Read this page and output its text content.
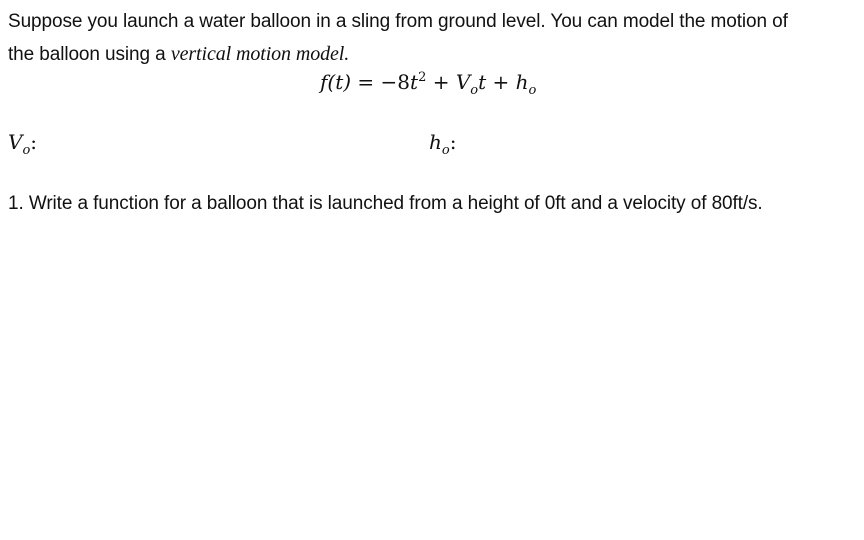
Suppose you launch a water balloon in a sling from ground level. You can model the motion of
the balloon using a vertical motion model.
$f(t) = -8t^2 + V_ot + h_o$
$V_o$:	$h_o$:
1. Write a function for a balloon that is launched from a height of 0ft and a velocity of 80ft/s.
